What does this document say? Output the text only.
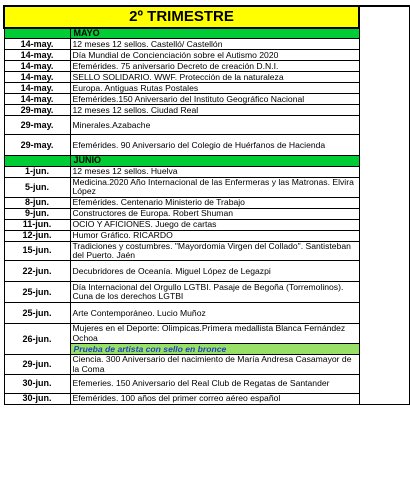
2º TRIMESTRE		
	MAYO	
14-may.	12 meses 12 sellos. Castelló/ Castellón	
14-may.	Día Mundial de Concienciación sobre el Autismo 2020	
14-may.	Efemérides. 75 aniversario Decreto de creación D.N.I.	
14-may.	SELLO SOLIDARIO. WWF. Protección de la naturaleza	
14-may.	Europa. Antiguas Rutas Postales	
14-may.	Efemérides.150 Aniversario del Instituto Geográfico Nacional	
29-may.	12 meses 12 sellos. Ciudad Real	
29-may.	Minerales.Azabache	
29-may.	Efemérides. 90 Aniversario del Colegio de Huérfanos de Hacienda	
	JUNIO	
1-jun.	12 meses 12 sellos. Huelva	
5-jun.	Medicina.2020 Año Internacional de las Enfermeras y las Matronas. Elvira López	
8-jun.	Efemérides. Centenario Ministerio de Trabajo	
9-jun.	Constructores de Europa. Robert Shuman	
11-jun.	OCIO Y AFICIONES. Juego de cartas	
12-jun.	Humor Gráfico. RICARDO	
15-jun.	Tradiciones y costumbres. "Mayordomia Virgen del Collado". Santisteban del Puerto. Jaén	
22-jun.	Decubridores de Oceanía. Miguel López de Legazpi	
25-jun.	Día Internacional del Orgullo LGTBI. Pasaje de Begoña (Torremolinos). Cuna de los derechos LGTBI	
25-jun.	Arte Contemporáneo. Lucio Muñoz	
26-jun.	Mujeres en el Deporte: Olimpicas.Primera medallista Blanca Fernández Ochoa	
	Prueba de artista con sello en bronce	
29-jun.	Ciencia. 300 Aniversario del nacimiento de María Andresa Casamayor de la Coma	
30-jun.	Efemeries. 150 Aniversario del Real Club de Regatas de Santander	
30-jun.	Efemérides. 100 años del primer correo aéreo español	
